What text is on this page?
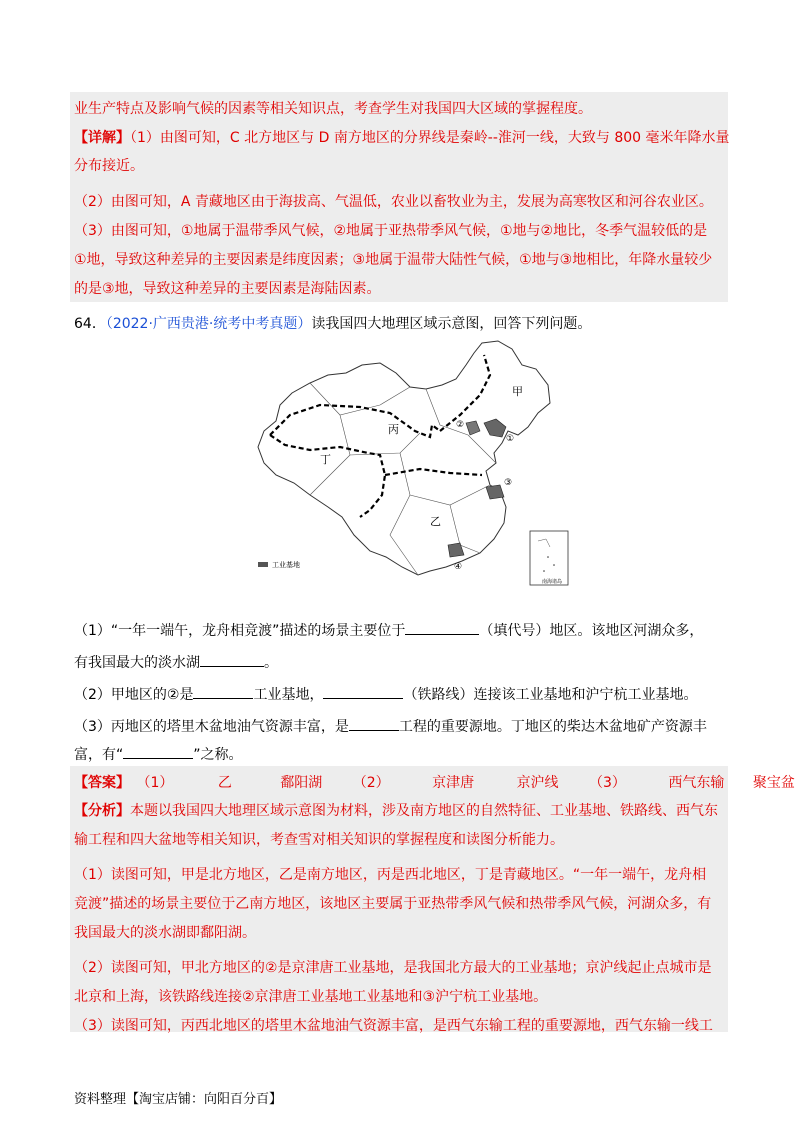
业生产特点及影响气候的因素等相关知识点，考查学生对我国四大区域的掌握程度。
【详解】（1）由图可知，C 北方地区与 D 南方地区的分界线是秦岭--淮河一线，大致与 800 毫米年降水量
分布接近。
（2）由图可知，A 青藏地区由于海拔高、气温低，农业以畜牧业为主，发展为高寒牧区和河谷农业区。
（3）由图可知，①地属于温带季风气候，②地属于亚热带季风气候，①地与②地比，冬季气温较低的是
①地，导致这种差异的主要因素是纬度因素；③地属于温带大陆性气候，①地与③地相比，年降水量较少
的是③地，导致这种差异的主要因素是海陆因素。
64．（2022·广西贵港·统考中考真题）读我国四大地理区域示意图，回答下列问题。
甲
乙
丙
丁
①
②
③
④
工业基地
南海诸岛
（1）“一年一端午，龙舟相竞渡”描述的场景主要位于	（填代号）地区。该地区河湖众多，
有我国最大的淡水湖	。
（2）甲地区的②是	工业基地，	（铁路线）连接该工业基地和沪宁杭工业基地。
（3）丙地区的塔里木盆地油气资源丰富，是	工程的重要源地。丁地区的柴达木盆地矿产资源丰
富，有“	”之称。
【答案】 （1）	乙	鄱阳湖 （2）	京津唐	京沪线 （3）	西气东输 聚宝盆
【分析】本题以我国四大地理区域示意图为材料，涉及南方地区的自然特征、工业基地、铁路线、西气东
输工程和四大盆地等相关知识，考查雪对相关知识的掌握程度和读图分析能力。
（1）读图可知，甲是北方地区，乙是南方地区，丙是西北地区，丁是青藏地区。“一年一端午，龙舟相
竞渡”描述的场景主要位于乙南方地区，该地区主要属于亚热带季风气候和热带季风气候，河湖众多，有
我国最大的淡水湖即鄱阳湖。
（2）读图可知，甲北方地区的②是京津唐工业基地，是我国北方最大的工业基地；京沪线起止点城市是
北京和上海，该铁路线连接②京津唐工业基地工业基地和③沪宁杭工业基地。
（3）读图可知，丙西北地区的塔里木盆地油气资源丰富，是西气东输工程的重要源地，西气东输一线工
资料整理【淘宝店铺：向阳百分百】
